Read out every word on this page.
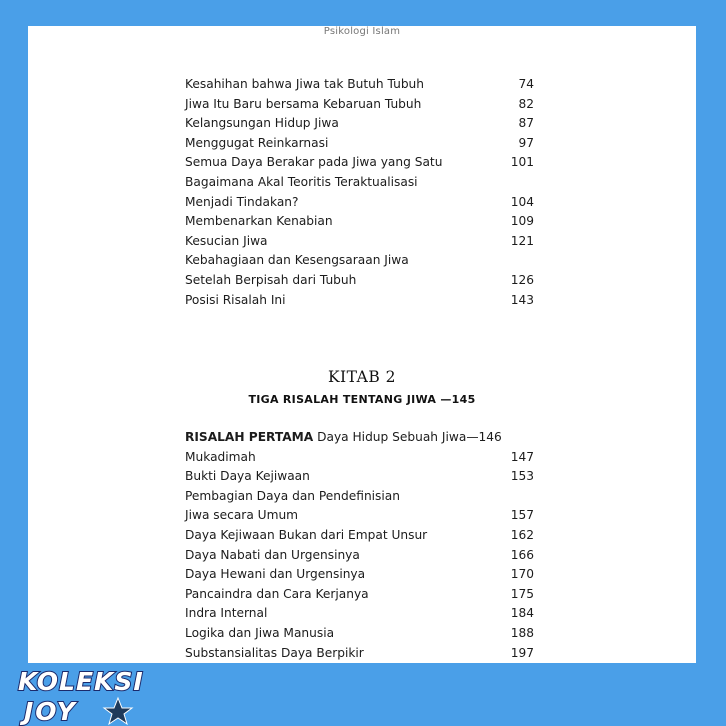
Psikologi Islam
Kesahihan bahwa Jiwa tak Butuh Tubuh	74
Jiwa Itu Baru bersama Kebaruan Tubuh	82
Kelangsungan Hidup Jiwa	87
Menggugat Reinkarnasi	97
Semua Daya Berakar pada Jiwa yang Satu	101
Bagaimana Akal Teoritis Teraktualisasi
Menjadi Tindakan?	104
Membenarkan Kenabian	109
Kesucian Jiwa	121
Kebahagiaan dan Kesengsaraan Jiwa
Setelah Berpisah dari Tubuh	126
Posisi Risalah Ini	143
KITAB 2
TIGA RISALAH TENTANG JIWA —145
RISALAH PERTAMA Daya Hidup Sebuah Jiwa—146
Mukadimah	147
Bukti Daya Kejiwaan	153
Pembagian Daya dan Pendefinisian
Jiwa secara Umum	157
Daya Kejiwaan Bukan dari Empat Unsur	162
Daya Nabati dan Urgensinya	166
Daya Hewani dan Urgensinya	170
Pancaindra dan Cara Kerjanya	175
Indra Internal	184
Logika dan Jiwa Manusia	188
Substansialitas Daya Berpikir	197
KOLEKSI
JOY
